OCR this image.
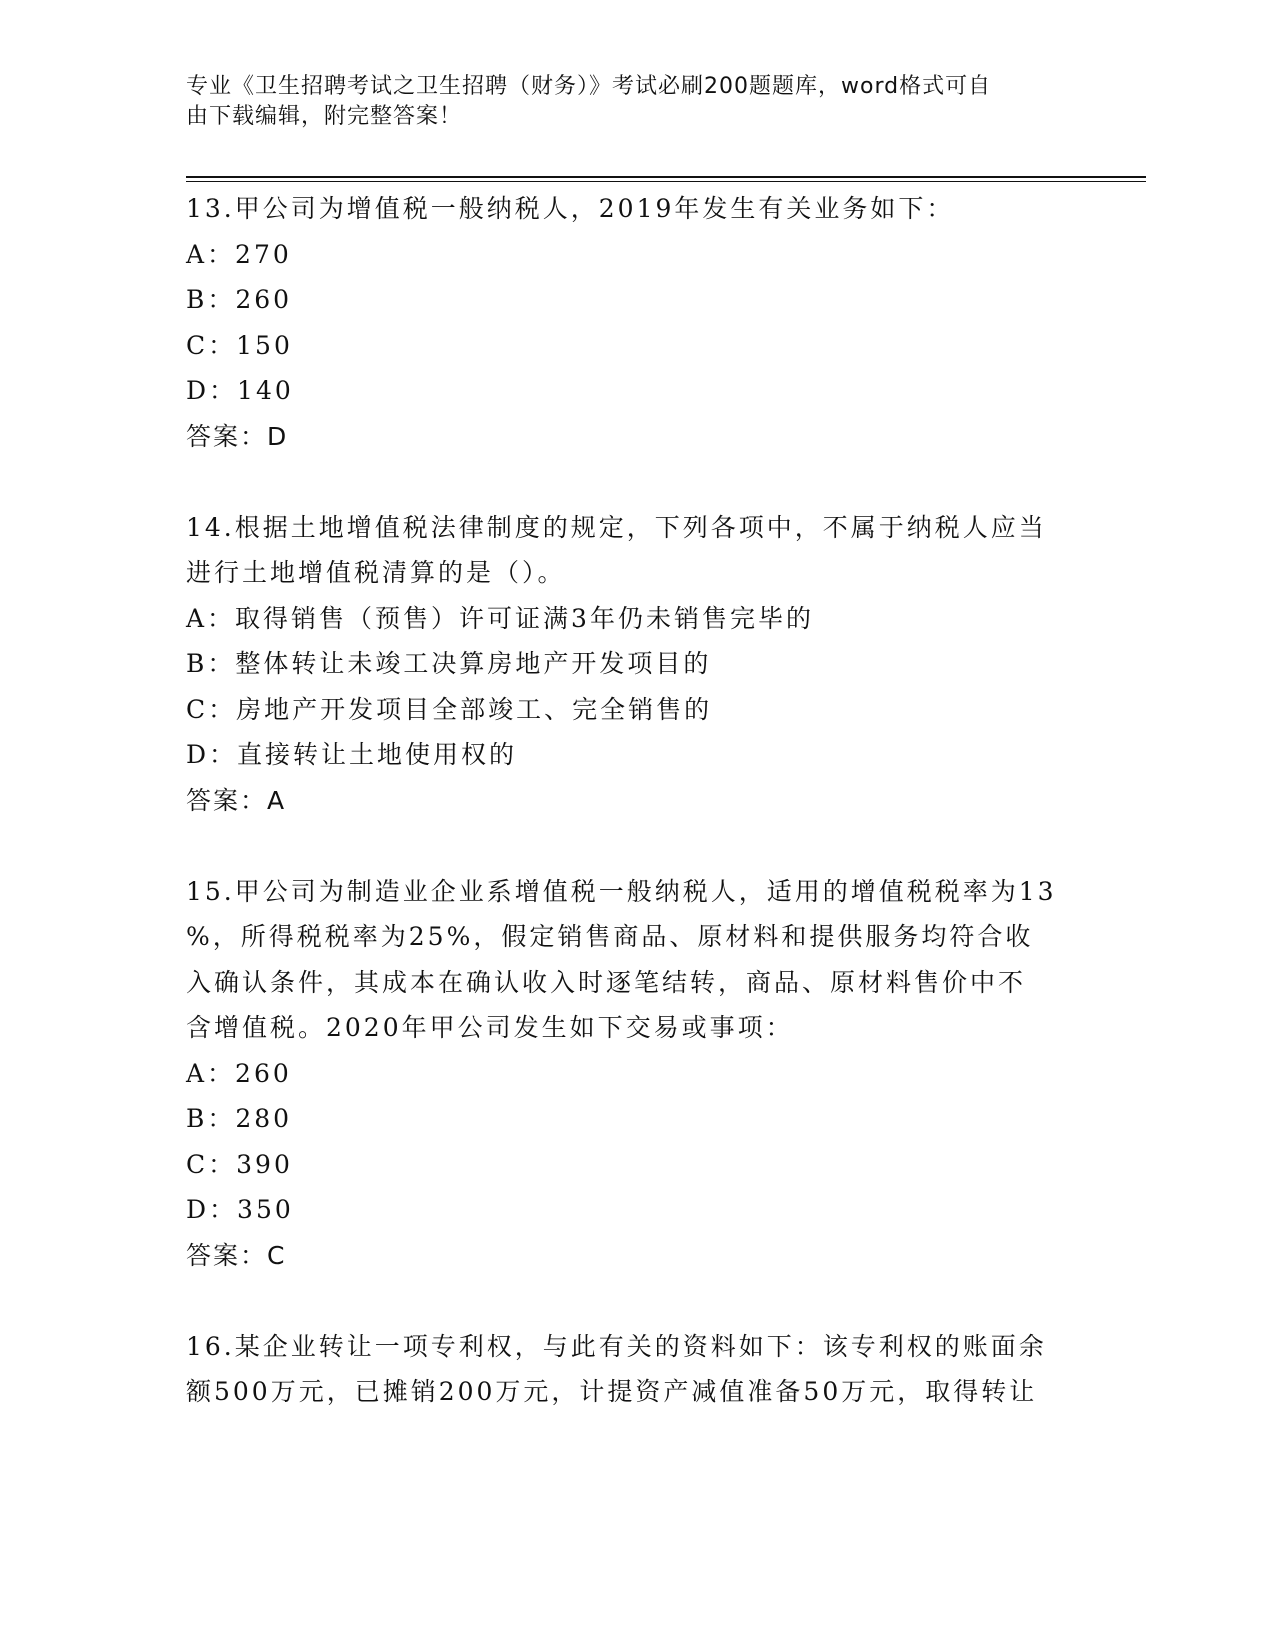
专业《卫生招聘考试之卫生招聘（财务）》考试必刷200题题库，word格式可自
由下载编辑，附完整答案！
13.甲公司为增值税一般纳税人，2019年发生有关业务如下：
A：270
B：260
C：150
D：140
答案：D
14.根据土地增值税法律制度的规定，下列各项中，不属于纳税人应当
进行土地增值税清算的是（）。
A：取得销售（预售）许可证满3年仍未销售完毕的
B：整体转让未竣工决算房地产开发项目的
C：房地产开发项目全部竣工、完全销售的
D：直接转让土地使用权的
答案：A
15.甲公司为制造业企业系增值税一般纳税人，适用的增值税税率为13
%，所得税税率为25%，假定销售商品、原材料和提供服务均符合收
入确认条件，其成本在确认收入时逐笔结转，商品、原材料售价中不
含增值税。2020年甲公司发生如下交易或事项：
A：260
B：280
C：390
D：350
答案：C
16.某企业转让一项专利权，与此有关的资料如下：该专利权的账面余
额500万元，已摊销200万元，计提资产减值准备50万元，取得转让
